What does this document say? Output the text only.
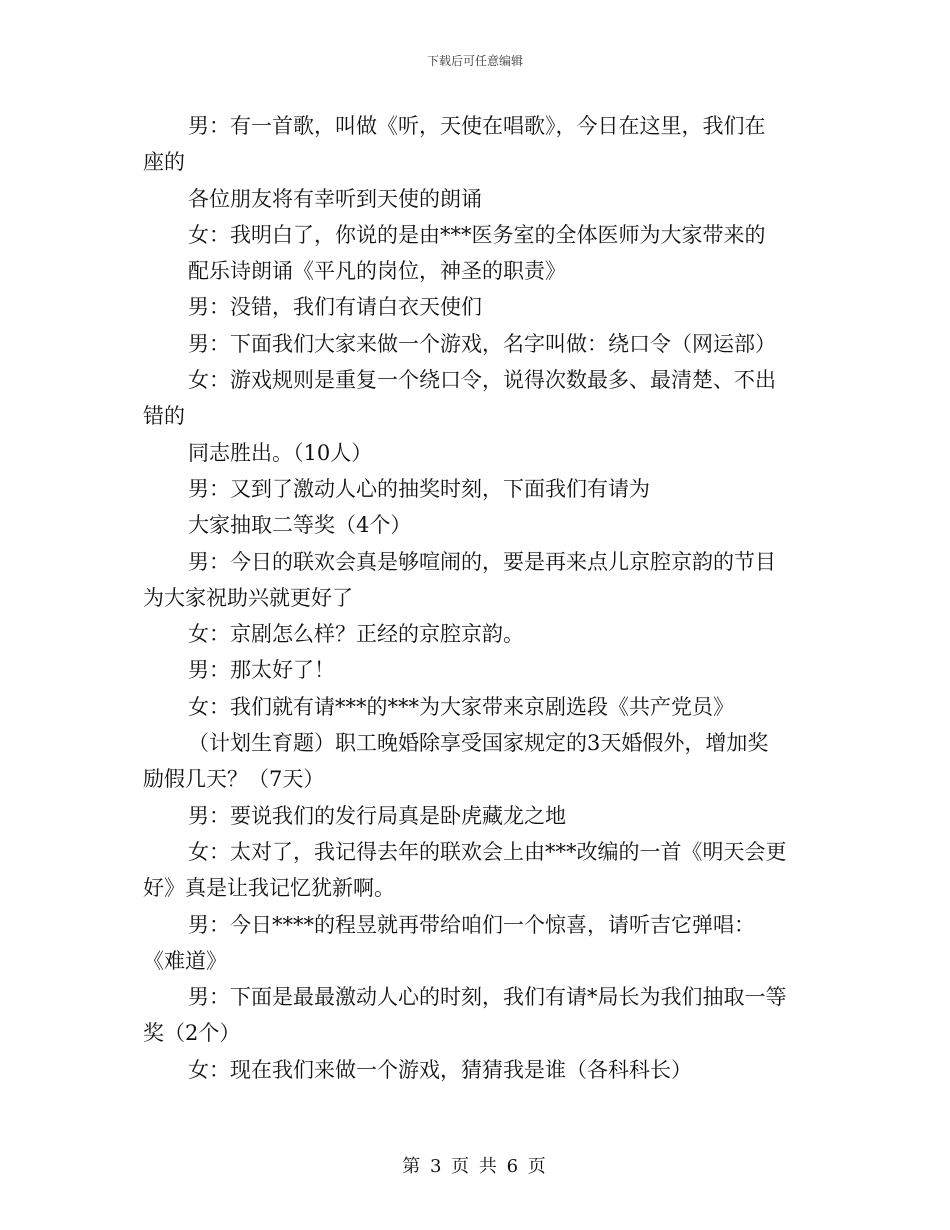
下载后可任意编辑
男：有一首歌，叫做《听，天使在唱歌》，今日在这里，我们在
座的
各位朋友将有幸听到天使的朗诵
女：我明白了，你说的是由***医务室的全体医师为大家带来的
配乐诗朗诵《平凡的岗位，神圣的职责》
男：没错，我们有请白衣天使们
男：下面我们大家来做一个游戏，名字叫做：绕口令（网运部）
女：游戏规则是重复一个绕口令，说得次数最多、最清楚、不出
错的
同志胜出。（10人）
男：又到了激动人心的抽奖时刻，下面我们有请为
大家抽取二等奖（4个）
男：今日的联欢会真是够喧闹的，要是再来点儿京腔京韵的节目
为大家祝助兴就更好了
女：京剧怎么样？正经的京腔京韵。
男：那太好了！
女：我们就有请***的***为大家带来京剧选段《共产党员》
（计划生育题）职工晚婚除享受国家规定的3天婚假外，增加奖
励假几天？（7天）
男：要说我们的发行局真是卧虎藏龙之地
女：太对了，我记得去年的联欢会上由***改编的一首《明天会更
好》真是让我记忆犹新啊。
男：今日****的程昱就再带给咱们一个惊喜，请听吉它弹唱：
《难道》
男：下面是最最激动人心的时刻，我们有请*局长为我们抽取一等
奖（2个）
女：现在我们来做一个游戏，猜猜我是谁（各科科长）
第 3 页 共 6 页
